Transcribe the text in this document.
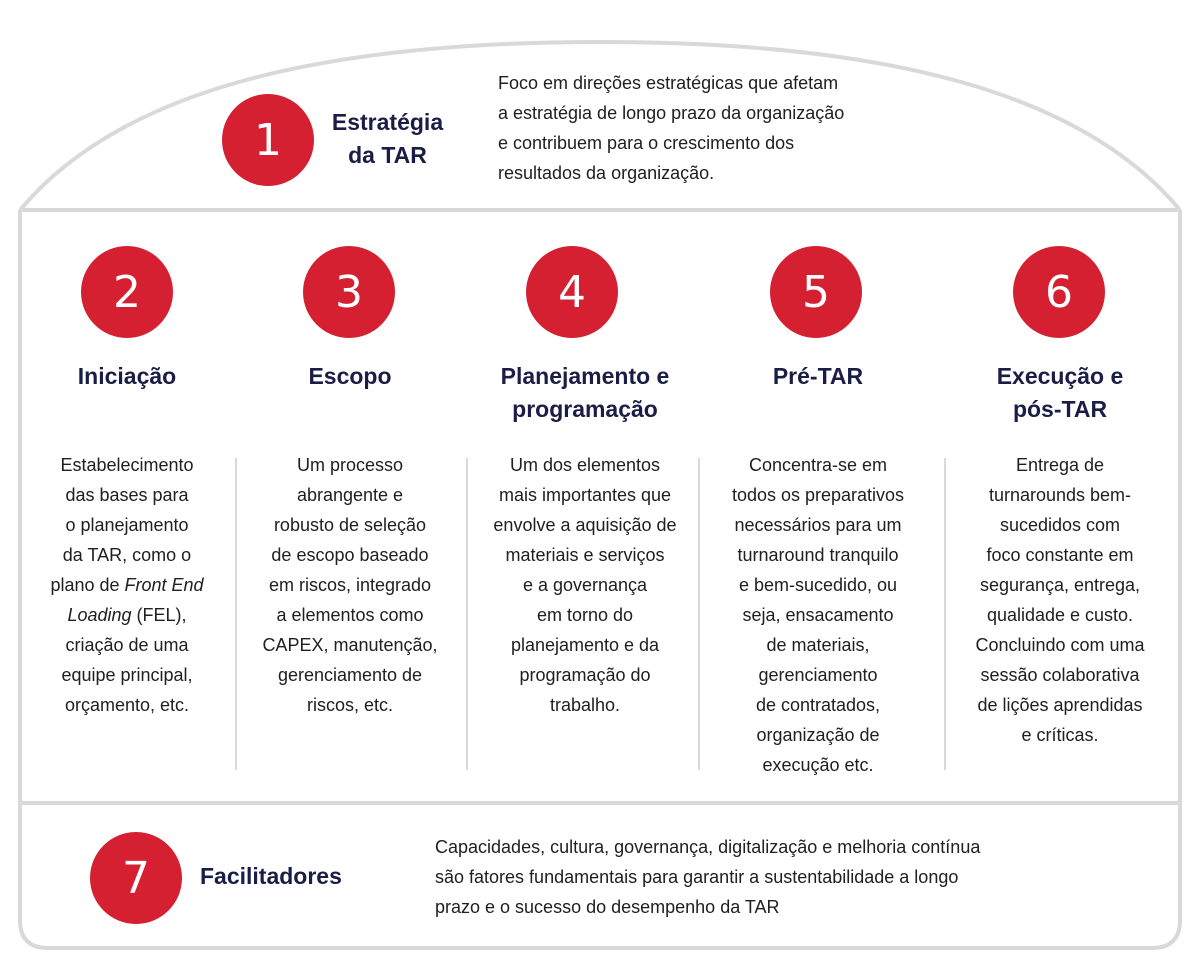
1	Estratégia
da TAR
Foco em direções estratégicas que afetam
a estratégia de longo prazo da organização
e contribuem para o crescimento dos
resultados da organização.
2
Iniciação
Estabelecimento
das bases para
o planejamento
da TAR, como o
plano de Front End
Loading (FEL),
criação de uma
equipe principal,
orçamento, etc.
3
Escopo
Um processo
abrangente e
robusto de seleção
de escopo baseado
em riscos, integrado
a elementos como
CAPEX, manutenção,
gerenciamento de
riscos, etc.
4
Planejamento e
programação
Um dos elementos
mais importantes que
envolve a aquisição de
materiais e serviços
e a governança
em torno do
planejamento e da
programação do
trabalho.
5
Pré-TAR
Concentra-se em
todos os preparativos
necessários para um
turnaround tranquilo
e bem-sucedido, ou
seja, ensacamento
de materiais,
gerenciamento
de contratados,
organização de
execução etc.
6
Execução e
pós-TAR
Entrega de
turnarounds bem-
sucedidos com
foco constante em
segurança, entrega,
qualidade e custo.
Concluindo com uma
sessão colaborativa
de lições aprendidas
e críticas.
7	Facilitadores
Capacidades, cultura, governança, digitalização e melhoria contínua
são fatores fundamentais para garantir a sustentabilidade a longo
prazo e o sucesso do desempenho da TAR
